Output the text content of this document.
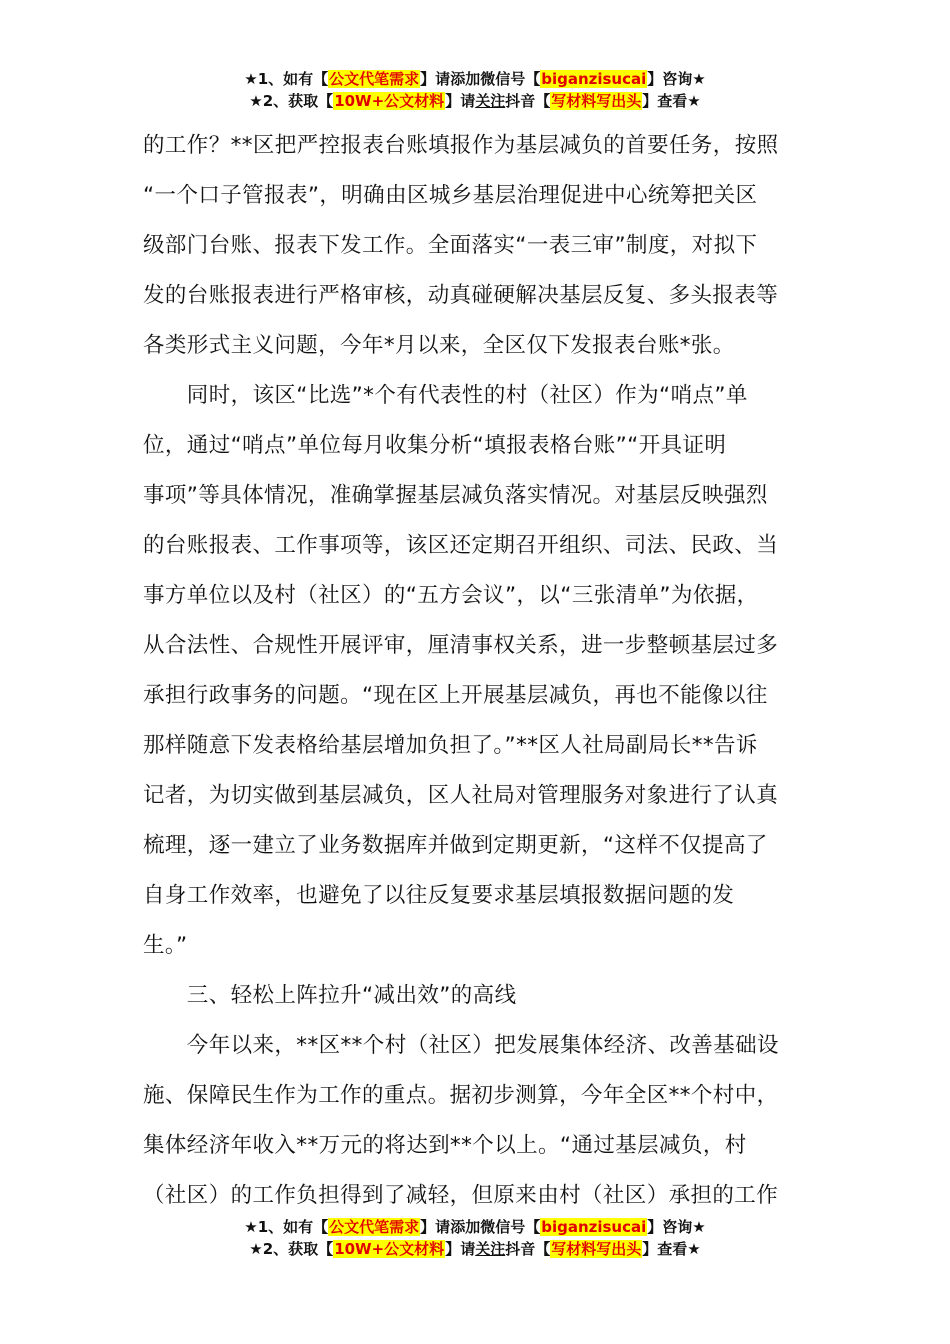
★1、如有【公文代笔需求】请添加微信号【biganzisucai】咨询★
★2、获取【10W+公文材料】请关注抖音【写材料写出头】查看★
的工作？**区把严控报表台账填报作为基层减负的首要任务，按照
“一个口子管报表”，明确由区城乡基层治理促进中心统筹把关区
级部门台账、报表下发工作。全面落实“一表三审”制度，对拟下
发的台账报表进行严格审核，动真碰硬解决基层反复、多头报表等
各类形式主义问题，今年*月以来，全区仅下发报表台账*张。
　　同时，该区“比选”*个有代表性的村（社区）作为“哨点”单
位，通过“哨点”单位每月收集分析“填报表格台账”“开具证明
事项”等具体情况，准确掌握基层减负落实情况。对基层反映强烈
的台账报表、工作事项等，该区还定期召开组织、司法、民政、当
事方单位以及村（社区）的“五方会议”，以“三张清单”为依据，
从合法性、合规性开展评审，厘清事权关系，进一步整顿基层过多
承担行政事务的问题。“现在区上开展基层减负，再也不能像以往
那样随意下发表格给基层增加负担了。”**区人社局副局长**告诉
记者，为切实做到基层减负，区人社局对管理服务对象进行了认真
梳理，逐一建立了业务数据库并做到定期更新，“这样不仅提高了
自身工作效率，也避免了以往反复要求基层填报数据问题的发
生。”
　　三、轻松上阵拉升“减出效”的高线
　　今年以来，**区**个村（社区）把发展集体经济、改善基础设
施、保障民生作为工作的重点。据初步测算，今年全区**个村中，
集体经济年收入**万元的将达到**个以上。“通过基层减负，村
（社区）的工作负担得到了减轻，但原来由村（社区）承担的工作
★1、如有【公文代笔需求】请添加微信号【biganzisucai】咨询★
★2、获取【10W+公文材料】请关注抖音【写材料写出头】查看★
